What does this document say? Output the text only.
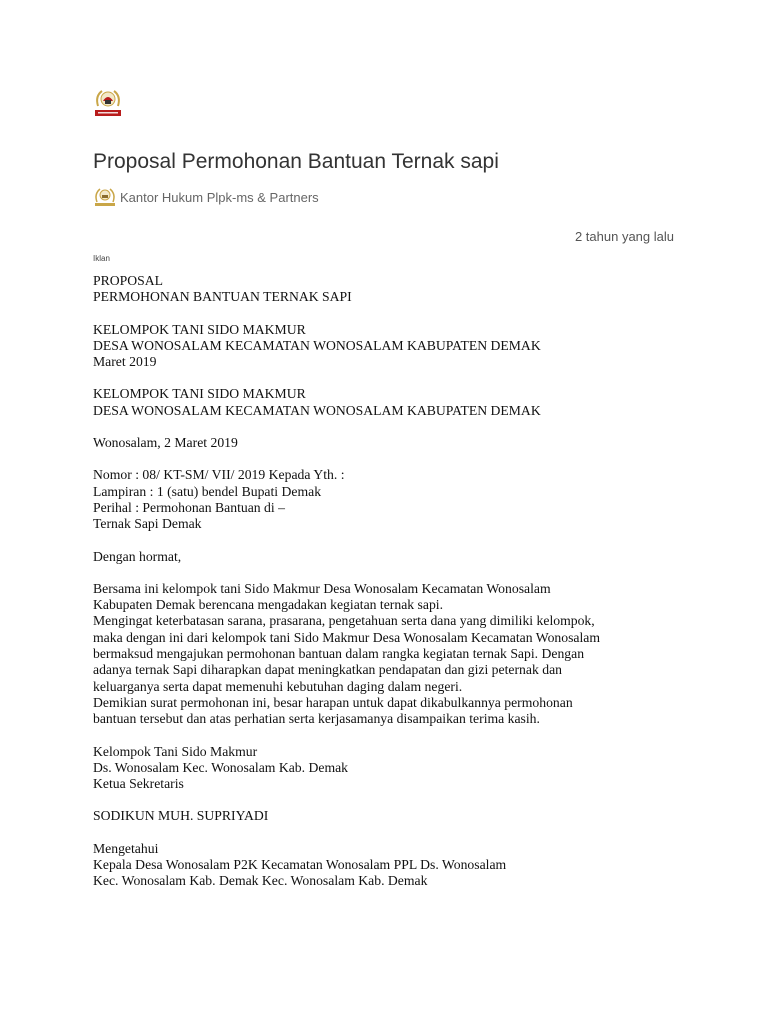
Proposal Permohonan Bantuan Ternak sapi
Kantor Hukum Plpk-ms & Partners
2 tahun yang lalu
Iklan

PROPOSAL
PERMOHONAN BANTUAN TERNAK SAPI

KELOMPOK TANI SIDO MAKMUR
DESA WONOSALAM KECAMATAN WONOSALAM KABUPATEN DEMAK
Maret 2019

KELOMPOK TANI SIDO MAKMUR
DESA WONOSALAM KECAMATAN WONOSALAM KABUPATEN DEMAK

Wonosalam, 2 Maret 2019

Nomor : 08/ KT-SM/ VII/ 2019 Kepada Yth. :
Lampiran : 1 (satu) bendel Bupati Demak
Perihal : Permohonan Bantuan di –
Ternak Sapi Demak

Dengan hormat,

Bersama ini kelompok tani Sido Makmur Desa Wonosalam Kecamatan Wonosalam
Kabupaten Demak berencana mengadakan kegiatan ternak sapi.
Mengingat keterbatasan sarana, prasarana, pengetahuan serta dana yang dimiliki kelompok,
maka dengan ini dari kelompok tani Sido Makmur Desa Wonosalam Kecamatan Wonosalam
bermaksud mengajukan permohonan bantuan dalam rangka kegiatan ternak Sapi. Dengan
adanya ternak Sapi diharapkan dapat meningkatkan pendapatan dan gizi peternak dan
keluarganya serta dapat memenuhi kebutuhan daging dalam negeri.
Demikian surat permohonan ini, besar harapan untuk dapat dikabulkannya permohonan
bantuan tersebut dan atas perhatian serta kerjasamanya disampaikan terima kasih.

Kelompok Tani Sido Makmur
Ds. Wonosalam Kec. Wonosalam Kab. Demak
Ketua Sekretaris

SODIKUN MUH. SUPRIYADI

Mengetahui
Kepala Desa Wonosalam P2K Kecamatan Wonosalam PPL Ds. Wonosalam
Kec. Wonosalam Kab. Demak Kec. Wonosalam Kab. Demak
